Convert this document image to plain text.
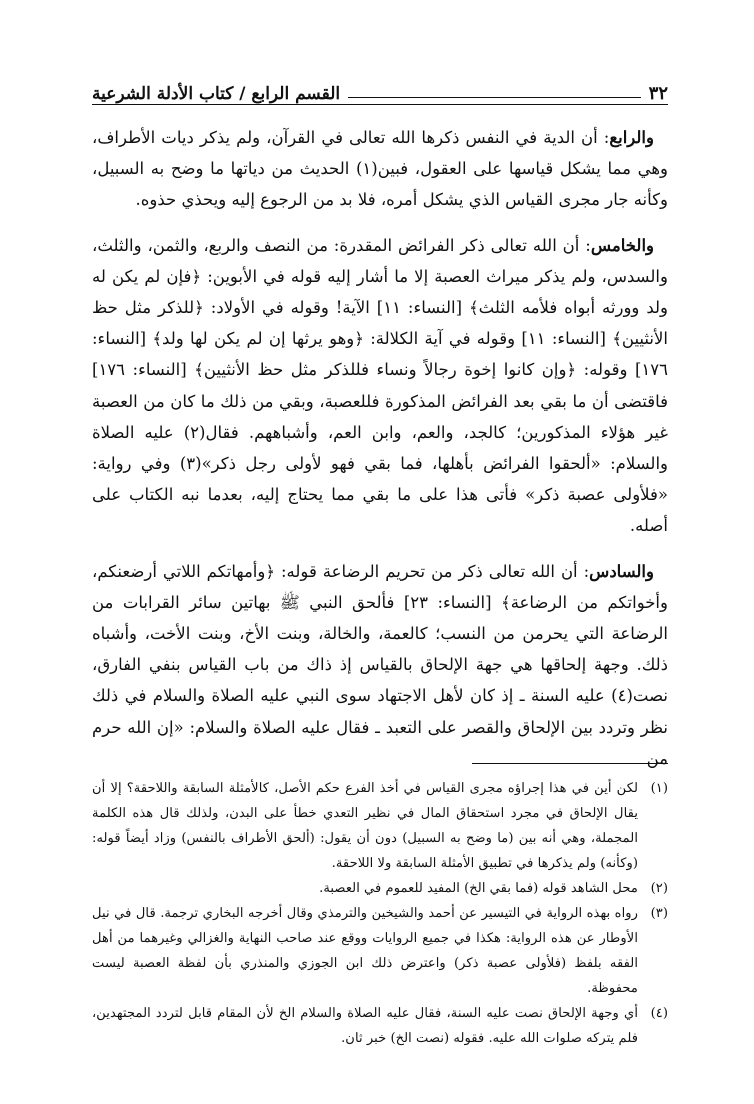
٣٢
القسم الرابع / كتاب الأدلة الشرعية

والرابع: أن الدية في النفس ذكرها الله تعالى في القرآن، ولم يذكر ديات الأطراف، وهي مما يشكل قياسها على العقول، فبين(١) الحديث من دياتها ما وضح به السبيل، وكأنه جار مجرى القياس الذي يشكل أمره، فلا بد من الرجوع إليه ويحذي حذوه.

والخامس: أن الله تعالى ذكر الفرائض المقدرة: من النصف والربع، والثمن، والثلث، والسدس، ولم يذكر ميراث العصبة إلا ما أشار إليه قوله في الأبوين: ﴿فإن لم يكن له ولد وورثه أبواه فلأمه الثلث﴾ [النساء: ١١] الآية! وقوله في الأولاد: ﴿للذكر مثل حظ الأنثيين﴾ [النساء: ١١] وقوله في آية الكلالة: ﴿وهو يرثها إن لم يكن لها ولد﴾ [النساء: ١٧٦] وقوله: ﴿وإن كانوا إخوة رجالاً ونساء فللذكر مثل حظ الأنثيين﴾ [النساء: ١٧٦] فاقتضى أن ما بقي بعد الفرائض المذكورة فللعصبة، وبقي من ذلك ما كان من العصبة غير هؤلاء المذكورين؛ كالجد، والعم، وابن العم، وأشباههم. فقال(٢) عليه الصلاة والسلام: «ألحقوا الفرائض بأهلها، فما بقي فهو لأولى رجل ذكر»(٣) وفي رواية: «فلأولى عصبة ذكر» فأتى هذا على ما بقي مما يحتاج إليه، بعدما نبه الكتاب على أصله.

والسادس: أن الله تعالى ذكر من تحريم الرضاعة قوله: ﴿وأمهاتكم اللاتي أرضعنكم، وأخواتكم من الرضاعة﴾ [النساء: ٢٣] فألحق النبي ﷺ بهاتين سائر القرابات من الرضاعة التي يحرمن من النسب؛ كالعمة، والخالة، وبنت الأخ، وبنت الأخت، وأشباه ذلك. وجهة إلحاقها هي جهة الإلحاق بالقياس إذ ذاك من باب القياس بنفي الفارق، نصت(٤) عليه السنة ـ إذ كان لأهل الاجتهاد سوى النبي عليه الصلاة والسلام في ذلك نظر وتردد بين الإلحاق والقصر على التعبد ـ فقال عليه الصلاة والسلام: «إن الله حرم من

(١)
لكن أين في هذا إجراؤه مجرى القياس في أخذ الفرع حكم الأصل، كالأمثلة السابقة واللاحقة؟ إلا أن يقال الإلحاق في مجرد استحقاق المال في نظير التعدي خطأ على البدن، ولذلك قال هذه الكلمة المجملة، وهي أنه بين (ما وضح به السبيل) دون أن يقول: (ألحق الأطراف بالنفس) وزاد أيضاً قوله: (وكأنه) ولم يذكرها في تطبيق الأمثلة السابقة ولا اللاحقة.
(٢)
محل الشاهد قوله (فما بقي الخ) المفيد للعموم في العصبة.
(٣)
رواه بهذه الرواية في التيسير عن أحمد والشيخين والترمذي وقال أخرجه البخاري ترجمة. قال في نيل الأوطار عن هذه الرواية: هكذا في جميع الروايات ووقع عند صاحب النهاية والغزالي وغيرهما من أهل الفقه بلفظ (فلأولى عصبة ذكر) واعترض ذلك ابن الجوزي والمنذري بأن لفظة العصبة ليست محفوظة.
(٤)
أي وجهة الإلحاق نصت عليه السنة، فقال عليه الصلاة والسلام الخ لأن المقام قابل لتردد المجتهدين، فلم يتركه صلوات الله عليه. فقوله (نصت الخ) خبر ثان.
